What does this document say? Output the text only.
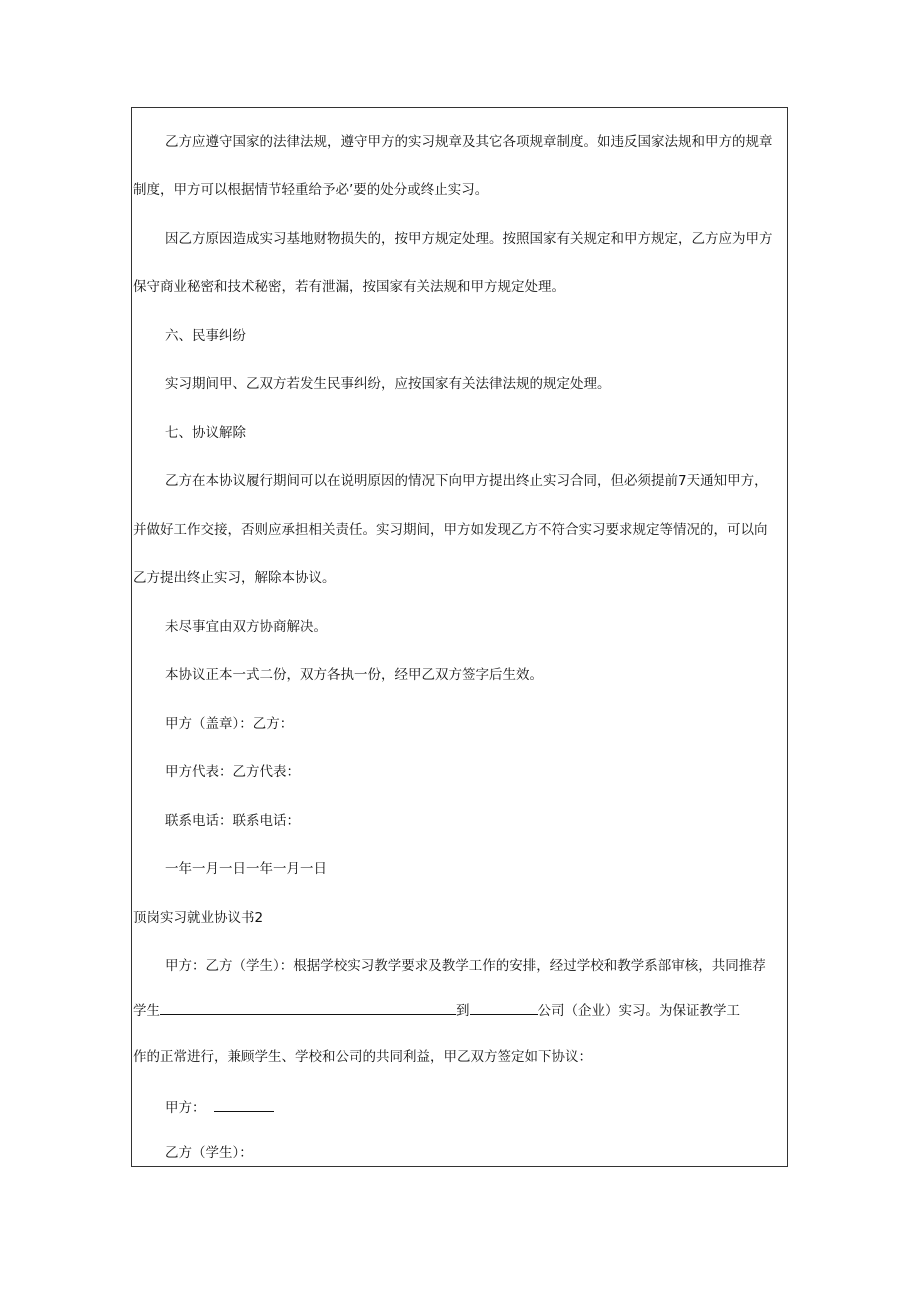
乙方应遵守国家的法律法规，遵守甲方的实习规章及其它各项规章制度。如违反国家法规和甲方的规章
制度，甲方可以根据情节轻重给予必’要的处分或终止实习。
因乙方原因造成实习基地财物损失的，按甲方规定处理。按照国家有关规定和甲方规定，乙方应为甲方
保守商业秘密和技术秘密，若有泄漏，按国家有关法规和甲方规定处理。
六、民事纠纷
实习期间甲、乙双方若发生民事纠纷，应按国家有关法律法规的规定处理。
七、协议解除
乙方在本协议履行期间可以在说明原因的情况下向甲方提出终止实习合同，但必须提前7天通知甲方，
并做好工作交接，否则应承担相关责任。实习期间，甲方如发现乙方不符合实习要求规定等情况的，可以向
乙方提出终止实习，解除本协议。
未尽事宜由双方协商解决。
本协议正本一式二份，双方各执一份，经甲乙双方签字后生效。
甲方（盖章）：乙方：
甲方代表：乙方代表：
联系电话：联系电话：
一年一月一日一年一月一日
顶岗实习就业协议书2
甲方：乙方（学生）：根据学校实习教学要求及教学工作的安排，经过学校和教学系部审核，共同推荐
学生	到	公司（企业）实习。为保证教学工
作的正常进行，兼顾学生、学校和公司的共同利益，甲乙双方签定如下协议：
甲方：
乙方（学生）：
